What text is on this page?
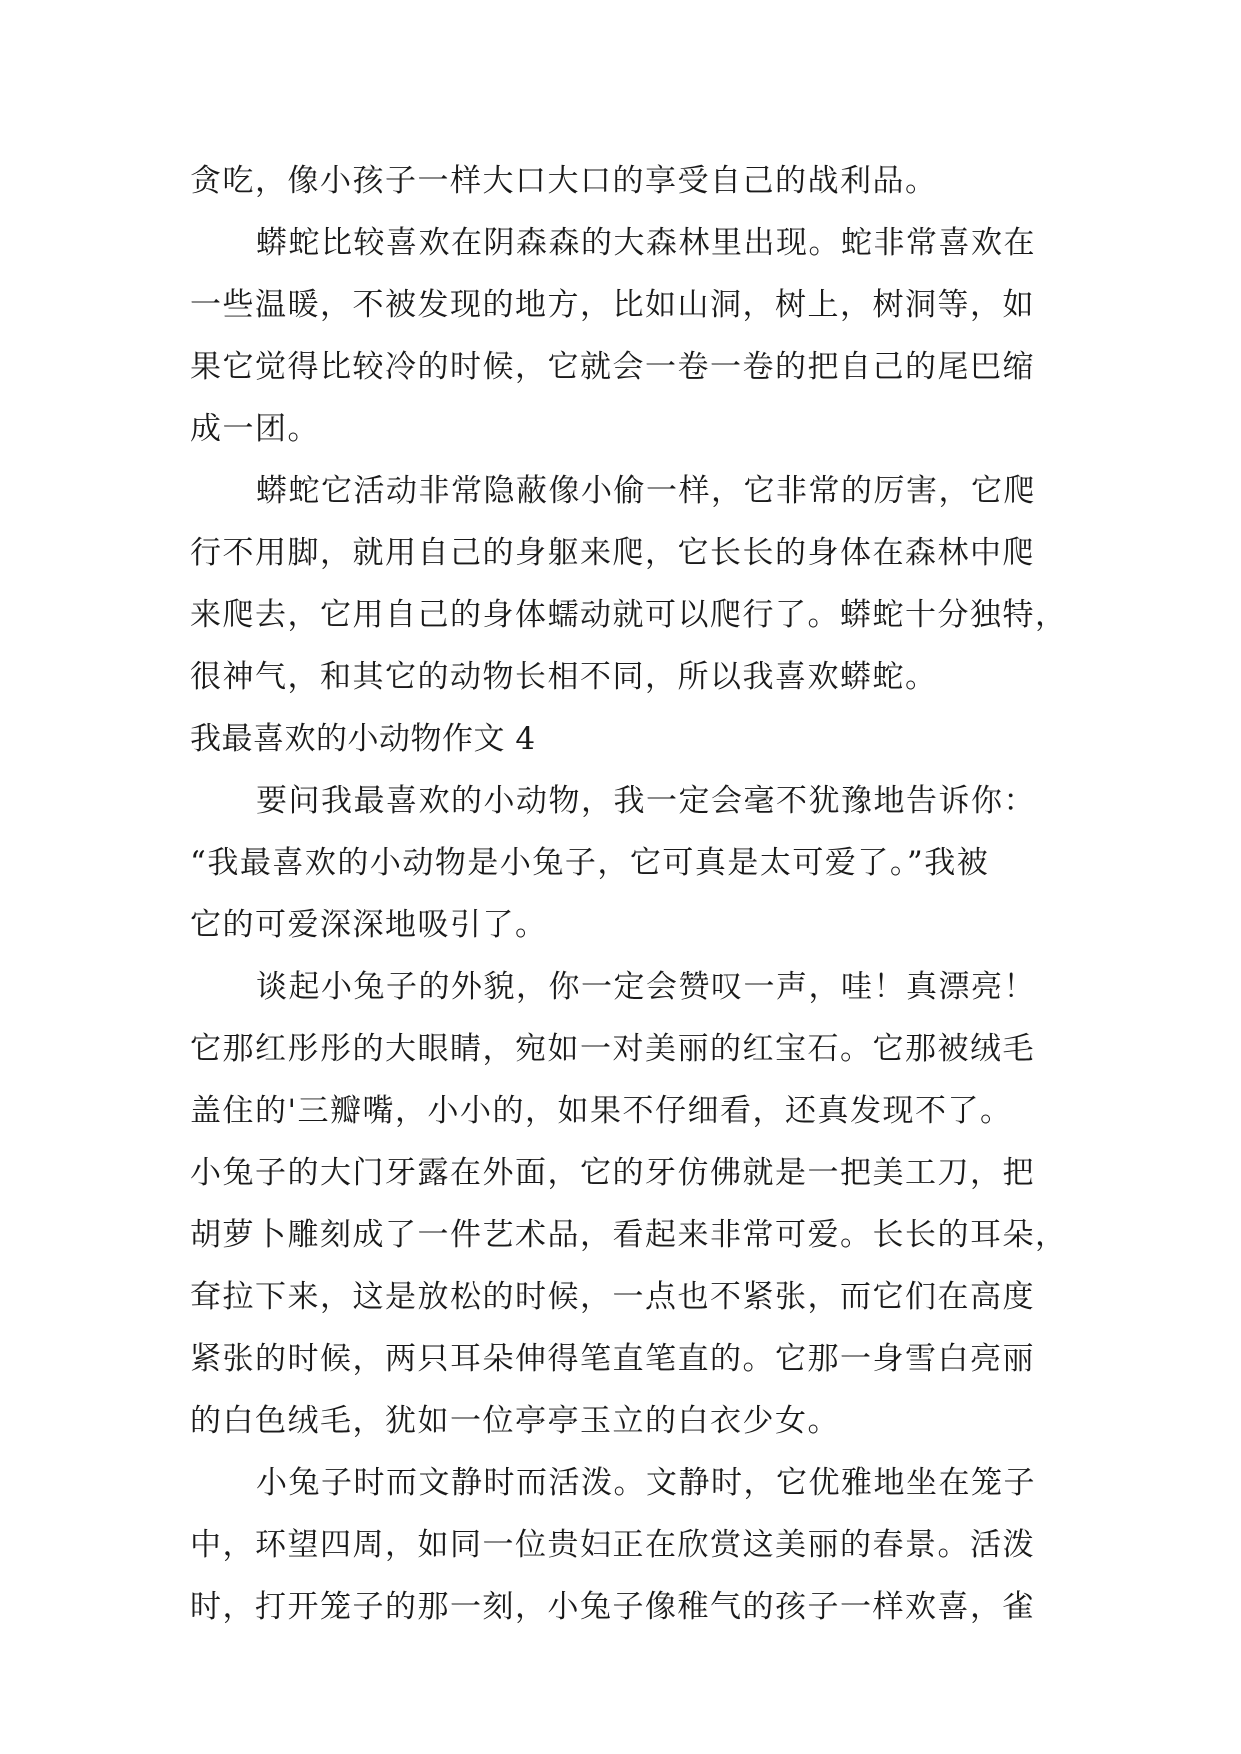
贪吃，像小孩子一样大口大口的享受自己的战利品。

蟒蛇比较喜欢在阴森森的大森林里出现。蛇非常喜欢在

一些温暖，不被发现的地方，比如山洞，树上，树洞等，如

果它觉得比较冷的时候，它就会一卷一卷的把自己的尾巴缩

成一团。

蟒蛇它活动非常隐蔽像小偷一样，它非常的厉害，它爬

行不用脚，就用自己的身躯来爬，它长长的身体在森林中爬

来爬去，它用自己的身体蠕动就可以爬行了。蟒蛇十分独特，

很神气，和其它的动物长相不同，所以我喜欢蟒蛇。

我最喜欢的小动物作文 4

要问我最喜欢的小动物，我一定会毫不犹豫地告诉你：

“我最喜欢的小动物是小兔子，它可真是太可爱了。”我被

它的可爱深深地吸引了。

谈起小兔子的外貌，你一定会赞叹一声，哇！真漂亮！

它那红彤彤的大眼睛，宛如一对美丽的红宝石。它那被绒毛

盖住的'三瓣嘴，小小的，如果不仔细看，还真发现不了。

小兔子的大门牙露在外面，它的牙仿佛就是一把美工刀，把

胡萝卜雕刻成了一件艺术品，看起来非常可爱。长长的耳朵，

耷拉下来，这是放松的时候，一点也不紧张，而它们在高度

紧张的时候，两只耳朵伸得笔直笔直的。它那一身雪白亮丽

的白色绒毛，犹如一位亭亭玉立的白衣少女。

小兔子时而文静时而活泼。文静时，它优雅地坐在笼子

中，环望四周，如同一位贵妇正在欣赏这美丽的春景。活泼

时，打开笼子的那一刻，小兔子像稚气的孩子一样欢喜，雀
